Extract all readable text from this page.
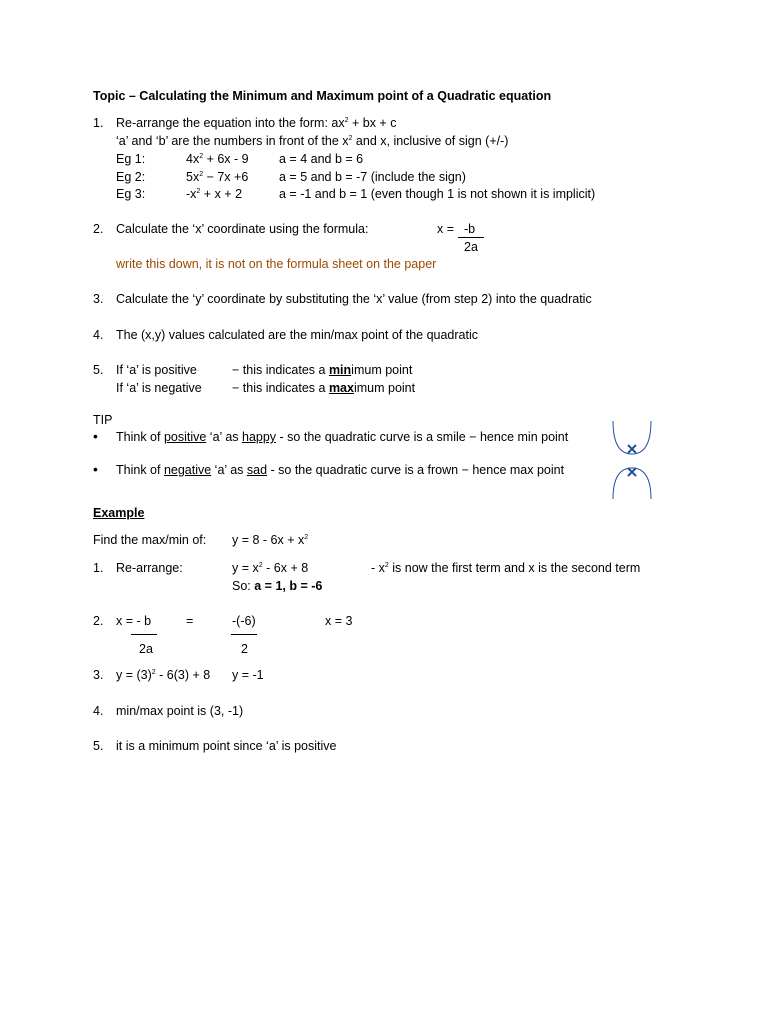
Topic – Calculating the Minimum and Maximum point of a Quadratic equation
1. Re-arrange the equation into the form: $ax^2$ + bx + c
‘a’ and ‘b’ are the numbers in front of the $x^2$ and x, inclusive of sign (+/-)
Eg 1:	$4x^2 + 6x - 9$ a = 4 and b = 6
Eg 2:	$5x^2 - 7x +6$ a = 5 and b = -7 (include the sign)
Eg 3:	$-x^2 + x + 2$	a = -1 and b = 1 (even though 1 is not shown it is implicit)
2. Calculate the ‘x’ coordinate using the formula:	x = -b
2a
write this down, it is not on the formula sheet on the paper
3. Calculate the ‘y’ coordinate by substituting the ‘x’ value (from step 2) into the quadratic
4. The (x,y) values calculated are the min/max point of the quadratic
5. If ‘a’ is positive	− this indicates a minimum point
If ‘a’ is negative − this indicates a maximum point
TIP
• Think of positive ‘a’ as happy - so the quadratic curve is a smile − hence min point
• Think of negative ‘a’ as sad - so the quadratic curve is a frown − hence max point
Example
Find the max/min of: $y = 8 - 6x + x^2$
1. Re-arrange:	$y = x^2 - 6x + 8$	- $x^2$ is now the first term and x is the second term
So: a = 1, b = -6
2. x = - b
2a
=	-(-6)
2
x = 3
3. $y = (3)^2 - 6(3) + 8$ y = -1
4. min/max point is (3, -1)
5. it is a minimum point since ‘a’ is positive
